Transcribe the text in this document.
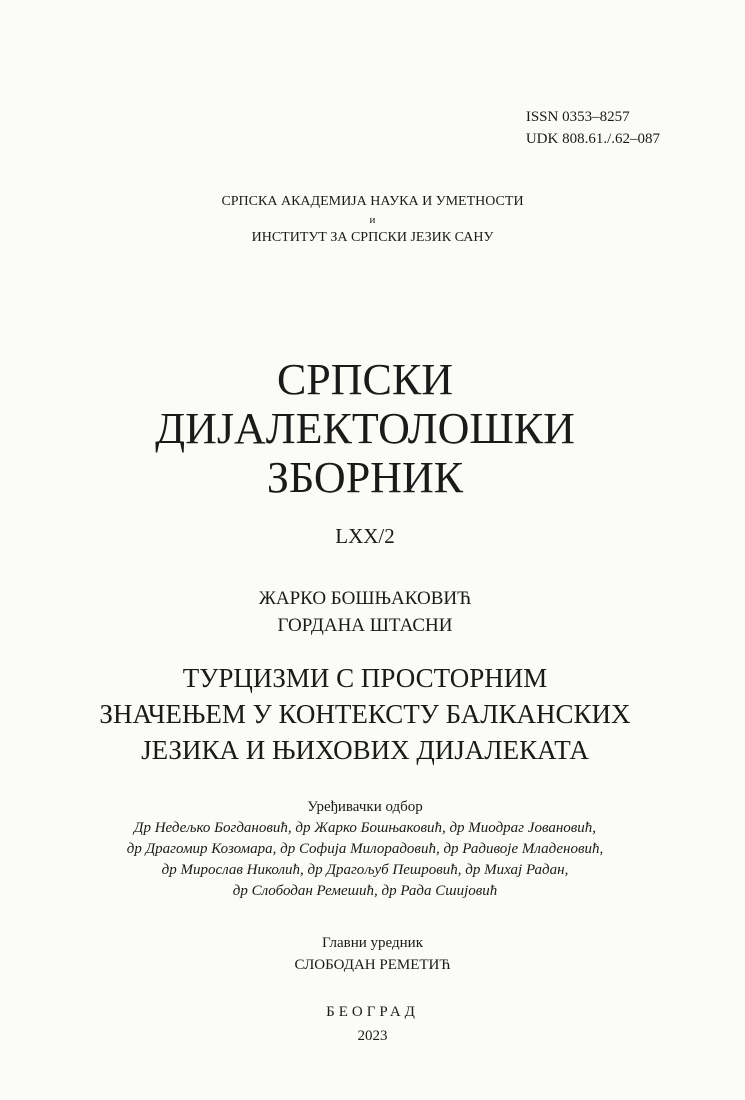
ISSN 0353–8257
UDK 808.61./.62–087
СРПСКА АКАДЕМИЈА НАУКА И УМЕТНОСТИ
и
ИНСТИТУТ ЗА СРПСКИ ЈЕЗИК САНУ
СРПСКИ
ДИЈАЛЕКТОЛОШКИ
ЗБОРНИК
LXX/2
ЖАРКО БОШЊАКОВИЋ
ГОРДАНА ШТАСНИ
ТУРЦИЗМИ С ПРОСТОРНИМ
ЗНАЧЕЊЕМ У КОНТЕКСТУ БАЛКАНСКИХ
ЈЕЗИКА И ЊИХОВИХ ДИЈАЛЕКАТА
Уређивачки одбор
Др Недељко Богдановић, др Жарко Бошњаковић, др Миодраг Јовановић,
др Драгомир Козомара, др Софија Милорадовић, др Радивоје Младеновић,
др Мирослав Николић, др Драгољуб Пешровић, др Михај Радан,
др Слободан Ремешић, др Рада Сшијовић
Главни уредник
СЛОБОДАН РЕМЕТИЋ
БЕОГРАД
2023
